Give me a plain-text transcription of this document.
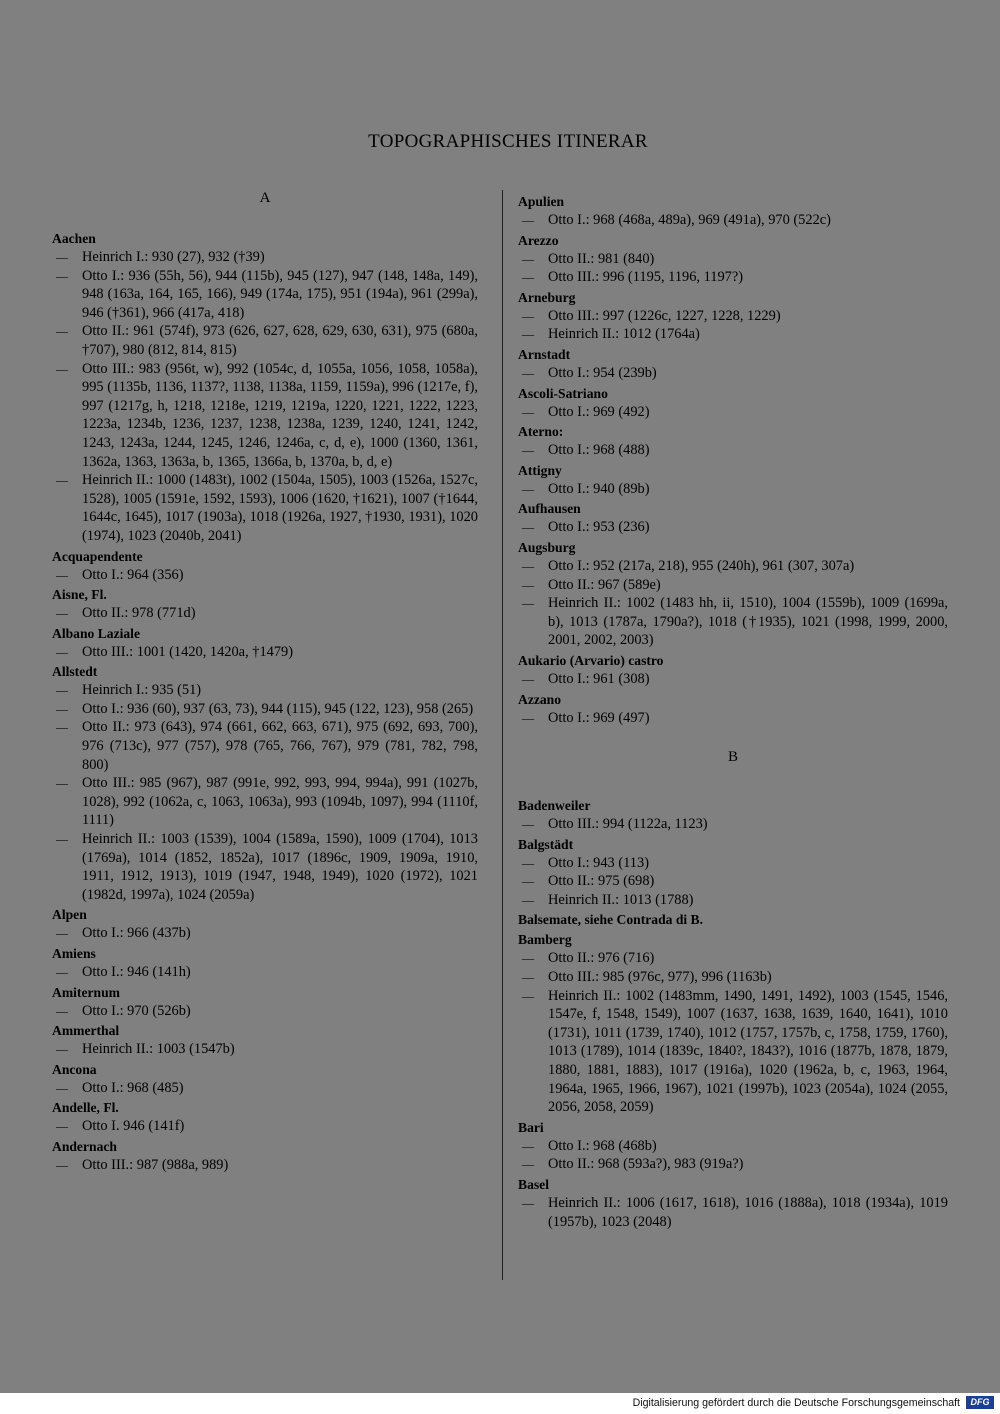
TOPOGRAPHISCHES ITINERAR
A
Aachen
— Heinrich I.: 930 (27), 932 (†39)
— Otto I.: 936 (55h, 56), 944 (115b), 945 (127), 947 (148, 148a, 149), 948 (163a, 164, 165, 166), 949 (174a, 175), 951 (194a), 961 (299a), 946 (†361), 966 (417a, 418)
— Otto II.: 961 (574f), 973 (626, 627, 628, 629, 630, 631), 975 (680a, †707), 980 (812, 814, 815)
— Otto III.: 983 (956t, w), 992 (1054c, d, 1055a, 1056, 1058, 1058a), 995 (1135b, 1136, 1137?, 1138, 1138a, 1159, 1159a), 996 (1217e, f), 997 (1217g, h, 1218, 1218e, 1219, 1219a, 1220, 1221, 1222, 1223, 1223a, 1234b, 1236, 1237, 1238, 1238a, 1239, 1240, 1241, 1242, 1243, 1243a, 1244, 1245, 1246, 1246a, c, d, e), 1000 (1360, 1361, 1362a, 1363, 1363a, b, 1365, 1366a, b, 1370a, b, d, e)
— Heinrich II.: 1000 (1483t), 1002 (1504a, 1505), 1003 (1526a, 1527c, 1528), 1005 (1591e, 1592, 1593), 1006 (1620, †1621), 1007 (†1644, 1644c, 1645), 1017 (1903a), 1018 (1926a, 1927, †1930, 1931), 1020 (1974), 1023 (2040b, 2041)
Acquapendente
— Otto I.: 964 (356)
Aisne, Fl.
— Otto II.: 978 (771d)
Albano Laziale
— Otto III.: 1001 (1420, 1420a, †1479)
Allstedt
— Heinrich I.: 935 (51)
— Otto I.: 936 (60), 937 (63, 73), 944 (115), 945 (122, 123), 958 (265)
— Otto II.: 973 (643), 974 (661, 662, 663, 671), 975 (692, 693, 700), 976 (713c), 977 (757), 978 (765, 766, 767), 979 (781, 782, 798, 800)
— Otto III.: 985 (967), 987 (991e, 992, 993, 994, 994a), 991 (1027b, 1028), 992 (1062a, c, 1063, 1063a), 993 (1094b, 1097), 994 (1110f, 1111)
— Heinrich II.: 1003 (1539), 1004 (1589a, 1590), 1009 (1704), 1013 (1769a), 1014 (1852, 1852a), 1017 (1896c, 1909, 1909a, 1910, 1911, 1912, 1913), 1019 (1947, 1948, 1949), 1020 (1972), 1021 (1982d, 1997a), 1024 (2059a)
Alpen
— Otto I.: 966 (437b)
Amiens
— Otto I.: 946 (141h)
Amiternum
— Otto I.: 970 (526b)
Ammerthal
— Heinrich II.: 1003 (1547b)
Ancona
— Otto I.: 968 (485)
Andelle, Fl.
— Otto I. 946 (141f)
Andernach
— Otto III.: 987 (988a, 989)
Apulien
— Otto I.: 968 (468a, 489a), 969 (491a), 970 (522c)
Arezzo
— Otto II.: 981 (840)
— Otto III.: 996 (1195, 1196, 1197?)
Arneburg
— Otto III.: 997 (1226c, 1227, 1228, 1229)
— Heinrich II.: 1012 (1764a)
Arnstadt
— Otto I.: 954 (239b)
Ascoli-Satriano
— Otto I.: 969 (492)
Aterno:
— Otto I.: 968 (488)
Attigny
— Otto I.: 940 (89b)
Aufhausen
— Otto I.: 953 (236)
Augsburg
— Otto I.: 952 (217a, 218), 955 (240h), 961 (307, 307a)
— Otto II.: 967 (589e)
— Heinrich II.: 1002 (1483 hh, ii, 1510), 1004 (1559b), 1009 (1699a, b), 1013 (1787a, 1790a?), 1018 (†1935), 1021 (1998, 1999, 2000, 2001, 2002, 2003)
Aukario (Arvario) castro
— Otto I.: 961 (308)
Azzano
— Otto I.: 969 (497)
B
Badenweiler
— Otto III.: 994 (1122a, 1123)
Balgstädt
— Otto I.: 943 (113)
— Otto II.: 975 (698)
— Heinrich II.: 1013 (1788)
Balsemate, siehe Contrada di B.
Bamberg
— Otto II.: 976 (716)
— Otto III.: 985 (976c, 977), 996 (1163b)
— Heinrich II.: 1002 (1483mm, 1490, 1491, 1492), 1003 (1545, 1546, 1547e, f, 1548, 1549), 1007 (1637, 1638, 1639, 1640, 1641), 1010 (1731), 1011 (1739, 1740), 1012 (1757, 1757b, c, 1758, 1759, 1760), 1013 (1789), 1014 (1839c, 1840?, 1843?), 1016 (1877b, 1878, 1879, 1880, 1881, 1883), 1017 (1916a), 1020 (1962a, b, c, 1963, 1964, 1964a, 1965, 1966, 1967), 1021 (1997b), 1023 (2054a), 1024 (2055, 2056, 2058, 2059)
Bari
— Otto I.: 968 (468b)
— Otto II.: 968 (593a?), 983 (919a?)
Basel
— Heinrich II.: 1006 (1617, 1618), 1016 (1888a), 1018 (1934a), 1019 (1957b), 1023 (2048)
Digitalisierung gefördert durch die Deutsche Forschungsgemeinschaft	DFG
